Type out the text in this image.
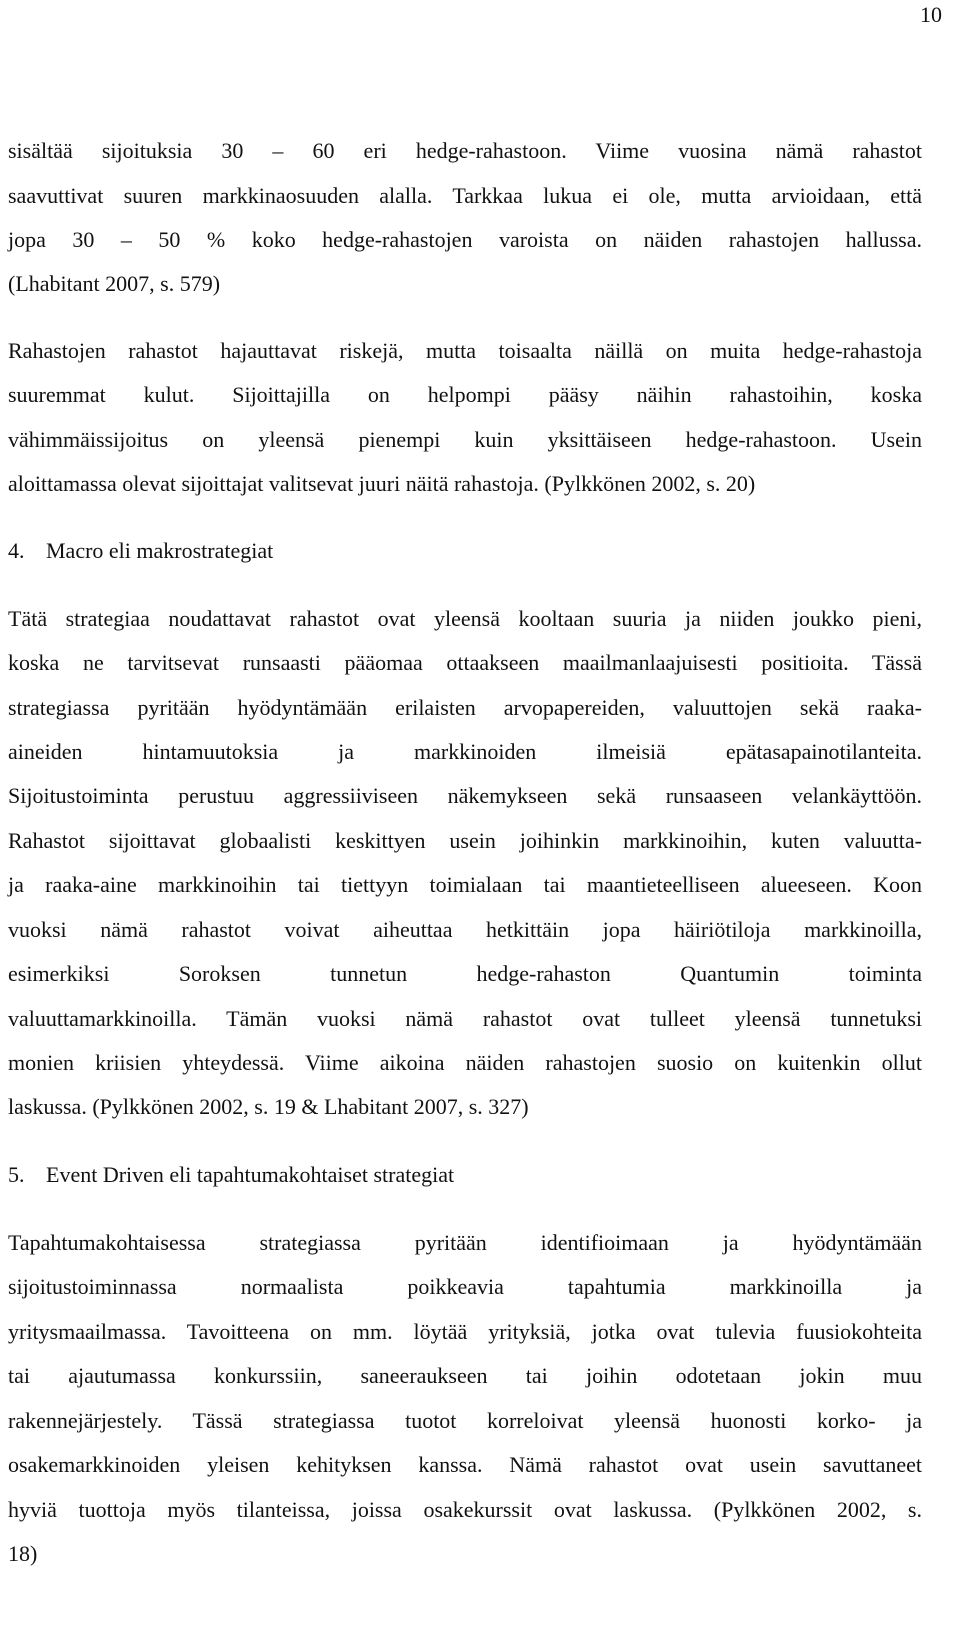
10
sisältää sijoituksia 30 – 60 eri hedge-rahastoon. Viime vuosina nämä rahastot
saavuttivat suuren markkinaosuuden alalla. Tarkkaa lukua ei ole, mutta arvioidaan, että
jopa 30 – 50 % koko hedge-rahastojen varoista on näiden rahastojen hallussa.
(Lhabitant 2007, s. 579)
Rahastojen rahastot hajauttavat riskejä, mutta toisaalta näillä on muita hedge-rahastoja
suuremmat kulut. Sijoittajilla on helpompi pääsy näihin rahastoihin, koska
vähimmäissijoitus on yleensä pienempi kuin yksittäiseen hedge-rahastoon. Usein
aloittamassa olevat sijoittajat valitsevat juuri näitä rahastoja. (Pylkkönen 2002, s. 20)
4. Macro eli makrostrategiat
Tätä strategiaa noudattavat rahastot ovat yleensä kooltaan suuria ja niiden joukko pieni,
koska ne tarvitsevat runsaasti pääomaa ottaakseen maailmanlaajuisesti positioita. Tässä
strategiassa pyritään hyödyntämään erilaisten arvopapereiden, valuuttojen sekä raaka-
aineiden hintamuutoksia ja markkinoiden ilmeisiä epätasapainotilanteita.
Sijoitustoiminta perustuu aggressiiviseen näkemykseen sekä runsaaseen velankäyttöön.
Rahastot sijoittavat globaalisti keskittyen usein joihinkin markkinoihin, kuten valuutta-
ja raaka-aine markkinoihin tai tiettyyn toimialaan tai maantieteelliseen alueeseen. Koon
vuoksi nämä rahastot voivat aiheuttaa hetkittäin jopa häiriötiloja markkinoilla,
esimerkiksi Soroksen tunnetun hedge-rahaston Quantumin toiminta
valuuttamarkkinoilla. Tämän vuoksi nämä rahastot ovat tulleet yleensä tunnetuksi
monien kriisien yhteydessä. Viime aikoina näiden rahastojen suosio on kuitenkin ollut
laskussa. (Pylkkönen 2002, s. 19 & Lhabitant 2007, s. 327)
5. Event Driven eli tapahtumakohtaiset strategiat
Tapahtumakohtaisessa strategiassa pyritään identifioimaan ja hyödyntämään
sijoitustoiminnassa normaalista poikkeavia tapahtumia markkinoilla ja
yritysmaailmassa. Tavoitteena on mm. löytää yrityksiä, jotka ovat tulevia fuusiokohteita
tai ajautumassa konkurssiin, saneeraukseen tai joihin odotetaan jokin muu
rakennejärjestely. Tässä strategiassa tuotot korreloivat yleensä huonosti korko- ja
osakemarkkinoiden yleisen kehityksen kanssa. Nämä rahastot ovat usein savuttaneet
hyviä tuottoja myös tilanteissa, joissa osakekurssit ovat laskussa. (Pylkkönen 2002, s.
18)
